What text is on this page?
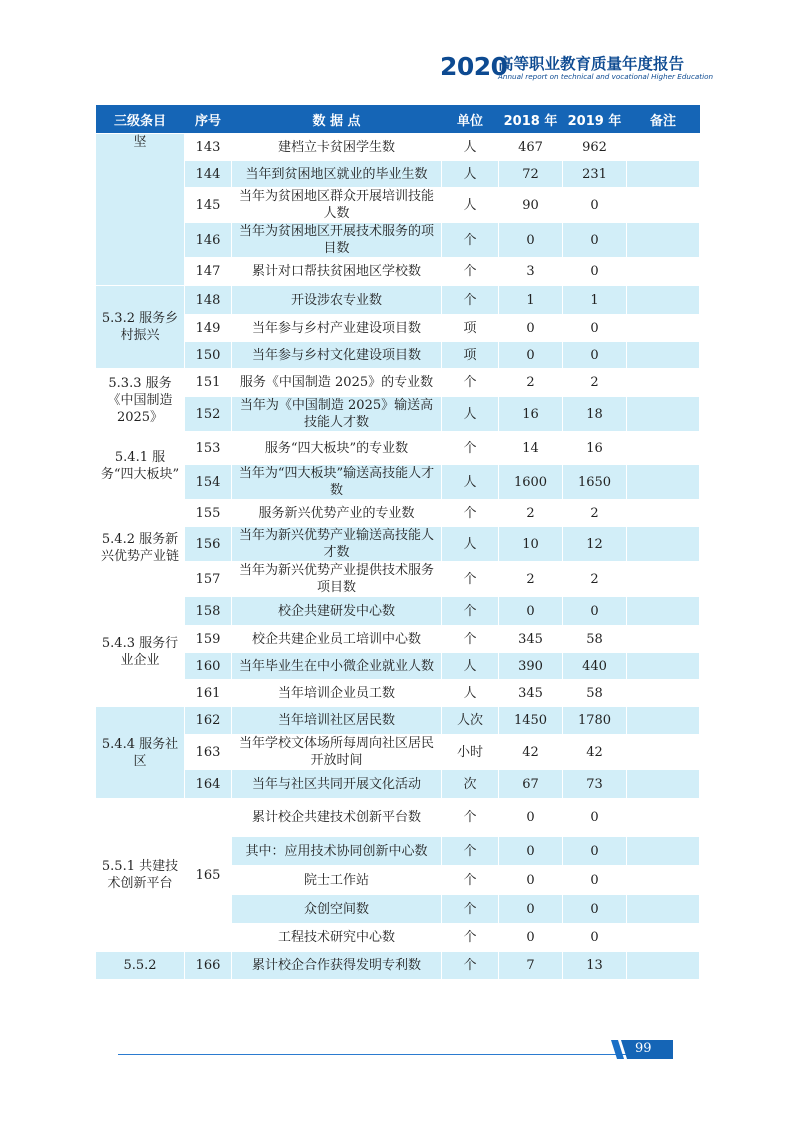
2020
高等职业教育质量年度报告
Annual report on technical and vocational Higher Education
三级条目	序号	数 据 点	单位	2018 年	2019 年	备注
坚	143	建档立卡贫困学生数	人	467	962	
	144	当年到贫困地区就业的毕业生数	人	72	231	
	145	当年为贫困地区群众开展培训技能人数	人	90	0	
	146	当年为贫困地区开展技术服务的项目数	个	0	0	
	147	累计对口帮扶贫困地区学校数	个	3	0	
5.3.2 服务乡村振兴	148	开设涉农专业数	个	1	1	
	149	当年参与乡村产业建设项目数	项	0	0	
	150	当年参与乡村文化建设项目数	项	0	0	
5.3.3 服务《中国制造 2025》	151	服务《中国制造 2025》的专业数	个	2	2	
	152	当年为《中国制造 2025》输送高技能人才数	人	16	18	
5.4.1 服务“四大板块”	153	服务“四大板块”的专业数	个	14	16	
	154	当年为“四大板块”输送高技能人才数	人	1600	1650	
5.4.2 服务新兴优势产业链	155	服务新兴优势产业的专业数	个	2	2	
	156	当年为新兴优势产业输送高技能人才数	人	10	12	
	157	当年为新兴优势产业提供技术服务项目数	个	2	2	
5.4.3 服务行业企业	158	校企共建研发中心数	个	0	0	
	159	校企共建企业员工培训中心数	个	345	58	
	160	当年毕业生在中小微企业就业人数	人	390	440	
	161	当年培训企业员工数	人	345	58	
5.4.4 服务社区	162	当年培训社区居民数	人次	1450	1780	
	163	当年学校文体场所每周向社区居民开放时间	小时	42	42	
	164	当年与社区共同开展文化活动	次	67	73	
5.5.1 共建技术创新平台	165	累计校企共建技术创新平台数	个	0	0	
		其中：应用技术协同创新中心数	个	0	0	
		院士工作站	个	0	0	
		众创空间数	个	0	0	
		工程技术研究中心数	个	0	0	
5.5.2	166	累计校企合作获得发明专利数	个	7	13	
99
